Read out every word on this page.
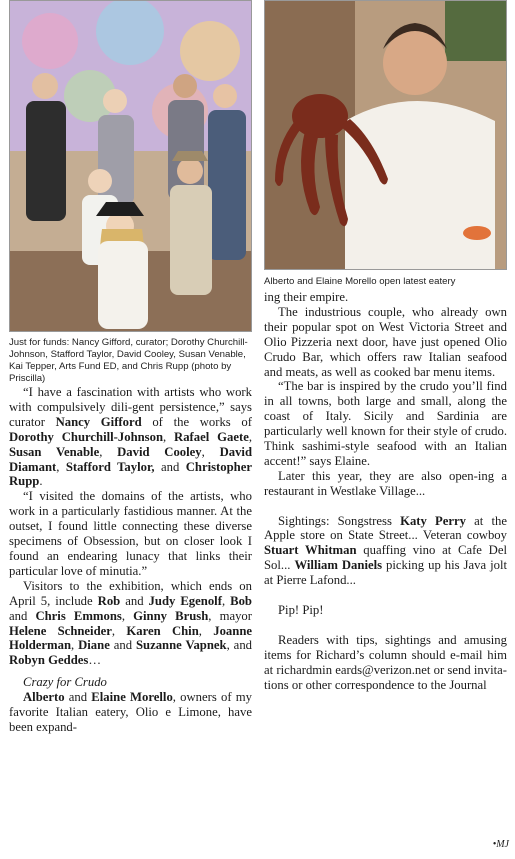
Just for funds: Nancy Gifford, curator; Dorothy Churchill-Johnson, Stafford Taylor, David Cooley, Susan Venable, Kai Tepper, Arts Fund ED, and Chris Rupp (photo by Priscilla)

“I have a fascination with artists who work with compulsively dili-gent persistence,” says curator Nancy Gifford of the works of Dorothy Churchill-Johnson, Rafael Gaete, Susan Venable, David Cooley, David Diamant, Stafford Taylor, and Christopher Rupp.

“I visited the domains of the artists, who work in a particularly fastidious manner. At the outset, I found little connecting these diverse specimens of Obsession, but on closer look I found an endearing lunacy that links their particular love of minutia.”

Visitors to the exhibition, which ends on April 5, include Rob and Judy Egenolf, Bob and Chris Emmons, Ginny Brush, mayor Helene Schneider, Karen Chin, Joanne Holderman, Diane and Suzanne Vapnek, and Robyn Geddes…

Crazy for Crudo

Alberto and Elaine Morello, owners of my favorite Italian eatery, Olio e Limone, have been expand-

Alberto and Elaine Morello open latest eatery

ing their empire.

The industrious couple, who already own their popular spot on West Victoria Street and Olio Pizzeria next door, have just opened Olio Crudo Bar, which offers raw Italian seafood and meats, as well as cooked bar menu items.

“The bar is inspired by the crudo you’ll find in all towns, both large and small, along the coast of Italy. Sicily and Sardinia are particularly well known for their style of crudo. Think sashimi-style seafood with an Italian accent!” says Elaine.

Later this year, they are also open-ing a restaurant in Westlake Village...

Sightings: Songstress Katy Perry at the Apple store on State Street... Veteran cowboy Stuart Whitman quaffing vino at Cafe Del Sol... William Daniels picking up his Java jolt at Pierre Lafond...

Pip! Pip!

Readers with tips, sightings and amusing items for Richard’s column should e-mail him at richardmin eards@verizon.net or send invita-tions or other correspondence to the Journal

•MJ
